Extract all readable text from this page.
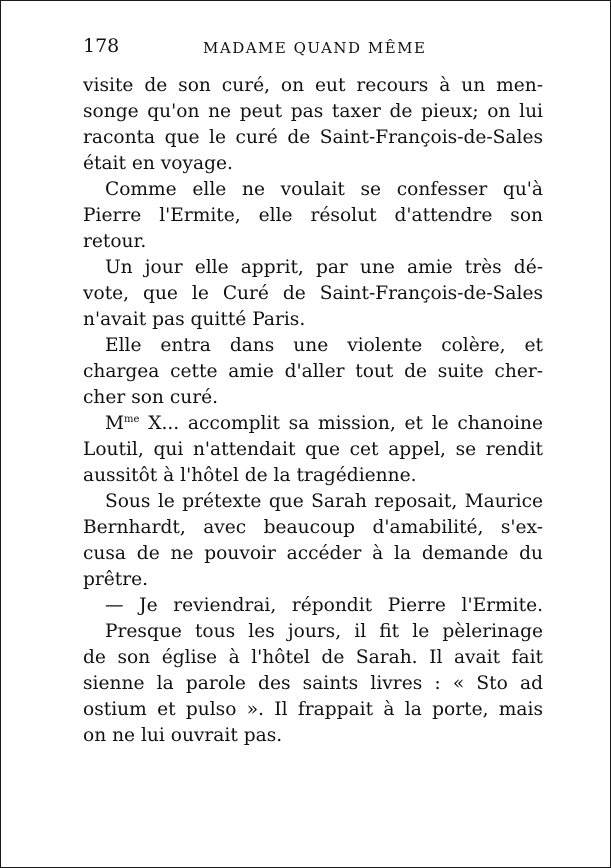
178	MADAME QUAND MÊME
visite de son curé, on eut recours à un men-
songe qu'on ne peut pas taxer de pieux; on lui
raconta que le curé de Saint-François-de-Sales
était en voyage.
Comme elle ne voulait se confesser qu'à
Pierre l'Ermite, elle résolut d'attendre son
retour.
Un jour elle apprit, par une amie très dé-
vote, que le Curé de Saint-François-de-Sales
n'avait pas quitté Paris.
Elle entra dans une violente colère, et
chargea cette amie d'aller tout de suite cher-
cher son curé.
$M^{me}$ X... accomplit sa mission, et le chanoine
Loutil, qui n'attendait que cet appel, se rendit
aussitôt à l'hôtel de la tragédienne.
Sous le prétexte que Sarah reposait, Maurice
Bernhardt, avec beaucoup d'amabilité, s'ex-
cusa de ne pouvoir accéder à la demande du
prêtre.
— Je reviendrai, répondit Pierre l'Ermite.
Presque tous les jours, il fit le pèlerinage
de son église à l'hôtel de Sarah. Il avait fait
sienne la parole des saints livres : « Sto ad
ostium et pulso ». Il frappait à la porte, mais
on ne lui ouvrait pas.
